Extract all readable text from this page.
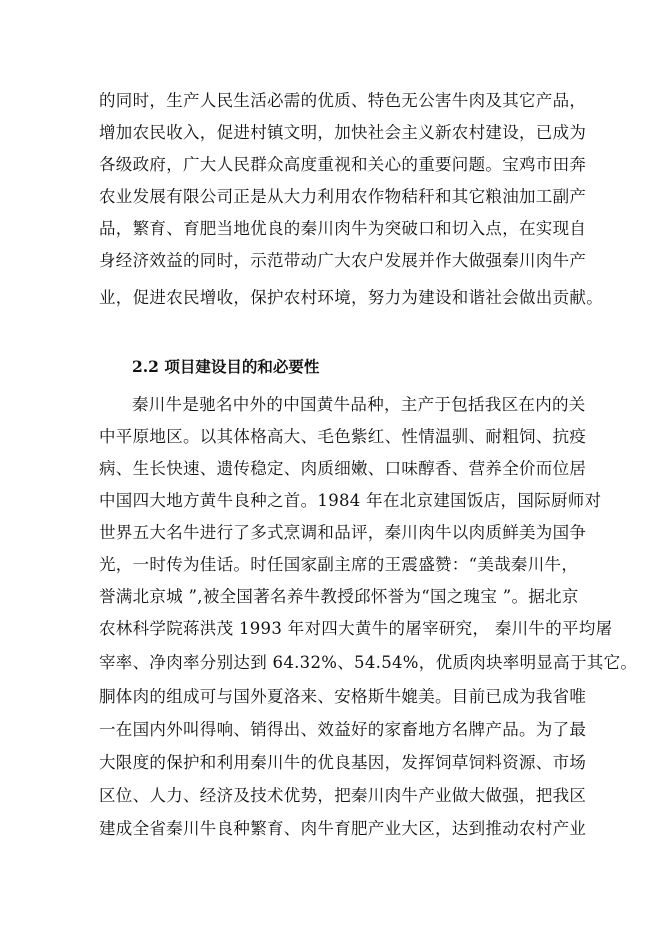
的同时，生产人民生活必需的优质、特色无公害牛肉及其它产品，
增加农民收入，促进村镇文明，加快社会主义新农村建设，已成为
各级政府，广大人民群众高度重视和关心的重要问题。宝鸡市田奔
农业发展有限公司正是从大力利用农作物秸秆和其它粮油加工副产
品，繁育、育肥当地优良的秦川肉牛为突破口和切入点，在实现自
身经济效益的同时，示范带动广大农户发展并作大做强秦川肉牛产
业，促进农民增收，保护农村环境，努力为建设和谐社会做出贡献。
2.2 项目建设目的和必要性
秦川牛是驰名中外的中国黄牛品种，主产于包括我区在内的关
中平原地区。以其体格高大、毛色紫红、性情温驯、耐粗饲、抗疫
病、生长快速、遗传稳定、肉质细嫩、口味醇香、营养全价而位居
中国四大地方黄牛良种之首。1984 年在北京建国饭店，国际厨师对
世界五大名牛进行了多式烹调和品评，秦川肉牛以肉质鲜美为国争
光，一时传为佳话。时任国家副主席的王震盛赞：“美哉秦川牛，
誉满北京城 ”,被全国著名养牛教授邱怀誉为“国之瑰宝 ”。据北京
农林科学院蒋洪茂 1993 年对四大黄牛的屠宰研究， 秦川牛的平均屠
宰率、净肉率分别达到 64.32%、54.54%，优质肉块率明显高于其它。
胴体肉的组成可与国外夏洛来、安格斯牛媲美。目前已成为我省唯
一在国内外叫得响、销得出、效益好的家畜地方名牌产品。为了最
大限度的保护和利用秦川牛的优良基因，发挥饲草饲料资源、市场
区位、人力、经济及技术优势，把秦川肉牛产业做大做强，把我区
建成全省秦川牛良种繁育、肉牛育肥产业大区，达到推动农村产业
